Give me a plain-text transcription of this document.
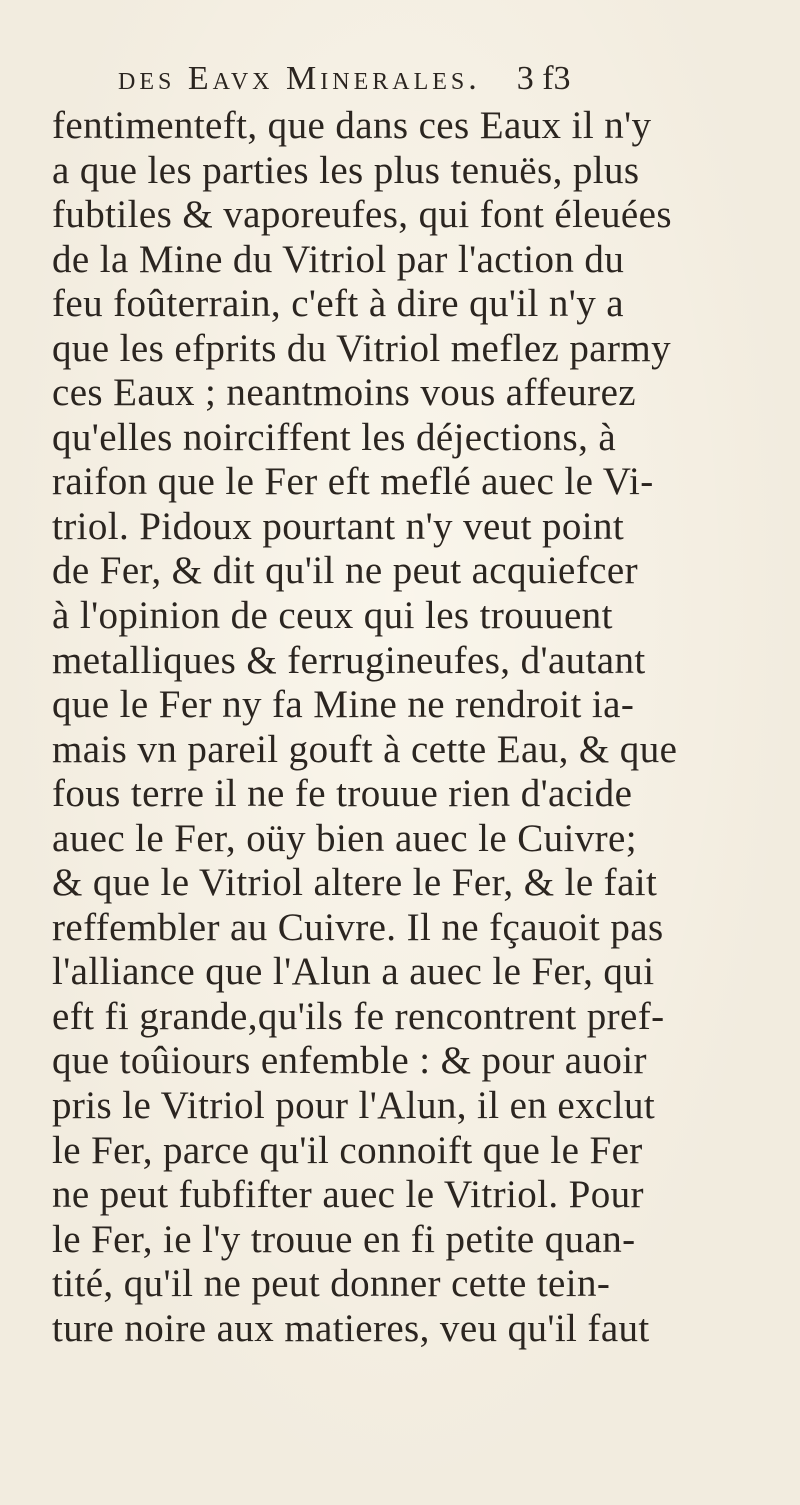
des Eavx Minerales. 3 f3
fentimenteft, que dans ces Eaux il n'y
a que les parties les plus tenuës, plus
fubtiles & vaporeufes, qui font éleuées
de la Mine du Vitriol par l'action du
feu foûterrain, c'eft à dire qu'il n'y a
que les efprits du Vitriol meflez parmy
ces Eaux ; neantmoins vous affeurez
qu'elles noirciffent les déjections, à
raifon que le Fer eft meflé auec le Vi-
triol. Pidoux pourtant n'y veut point
de Fer, & dit qu'il ne peut acquiefcer
à l'opinion de ceux qui les trouuent
metalliques & ferrugineufes, d'autant
que le Fer ny fa Mine ne rendroit ia-
mais vn pareil gouft à cette Eau, & que
fous terre il ne fe trouue rien d'acide
auec le Fer, oüy bien auec le Cuivre;
& que le Vitriol altere le Fer, & le fait
reffembler au Cuivre. Il ne fçauoit pas
l'alliance que l'Alun a auec le Fer, qui
eft fi grande,qu'ils fe rencontrent pref-
que toûiours enfemble : & pour auoir
pris le Vitriol pour l'Alun, il en exclut
le Fer, parce qu'il connoift que le Fer
ne peut fubfifter auec le Vitriol. Pour
le Fer, ie l'y trouue en fi petite quan-
tité, qu'il ne peut donner cette tein-
ture noire aux matieres, veu qu'il faut
